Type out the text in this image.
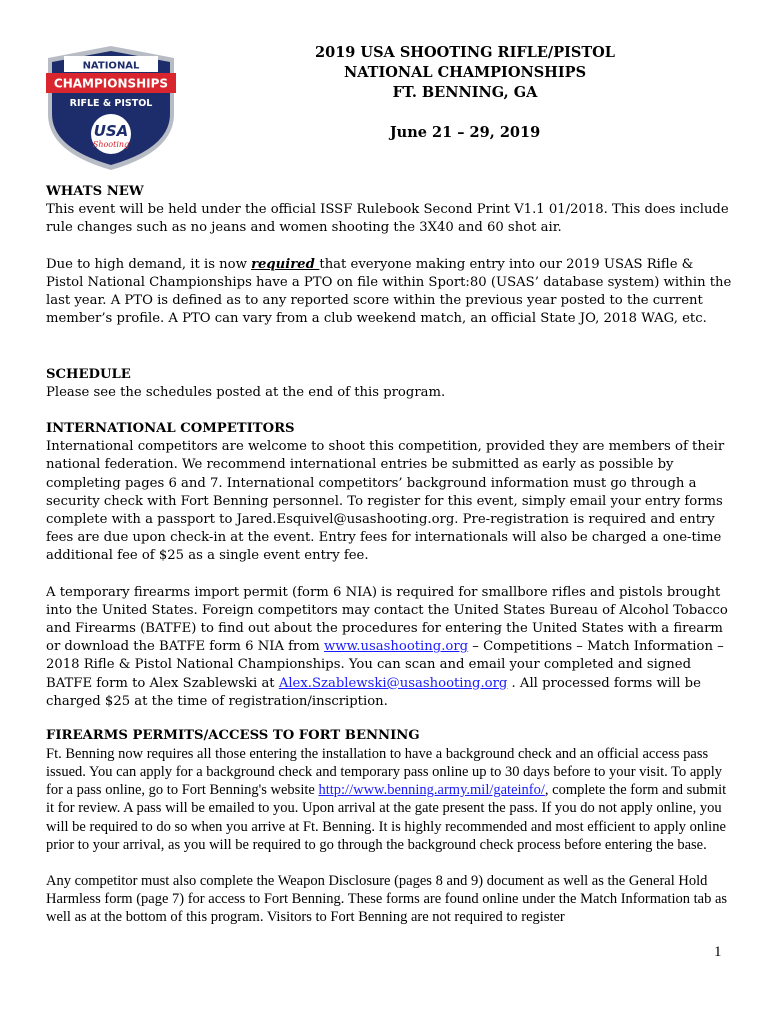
NATIONAL
CHAMPIONSHIPS
RIFLE & PISTOL
USA
Shooting
2019 USA SHOOTING RIFLE/PISTOL
NATIONAL CHAMPIONSHIPS
FT. BENNING, GA
June 21 – 29, 2019

WHATS NEW

This event will be held under the official ISSF Rulebook Second Print V1.1 01/2018. This does include rule changes such as no jeans and women shooting the 3X40 and 60 shot air.

Due to high demand, it is now required that everyone making entry into our 2019 USAS Rifle & Pistol National Championships have a PTO on file within Sport:80 (USAS’ database system) within the last year. A PTO is defined as to any reported score within the previous year posted to the current member’s profile. A PTO can vary from a club weekend match, an official State JO, 2018 WAG, etc.

SCHEDULE

Please see the schedules posted at the end of this program.

INTERNATIONAL COMPETITORS

International competitors are welcome to shoot this competition, provided they are members of their national federation. We recommend international entries be submitted as early as possible by completing pages 6 and 7. International competitors’ background information must go through a security check with Fort Benning personnel. To register for this event, simply email your entry forms complete with a passport to Jared.Esquivel@usashooting.org. Pre-registration is required and entry fees are due upon check-in at the event. Entry fees for internationals will also be charged a one-time additional fee of $25 as a single event entry fee.

A temporary firearms import permit (form 6 NIA) is required for smallbore rifles and pistols brought into the United States. Foreign competitors may contact the United States Bureau of Alcohol Tobacco and Firearms (BATFE) to find out about the procedures for entering the United States with a firearm or download the BATFE form 6 NIA from www.usashooting.org – Competitions – Match Information – 2018 Rifle & Pistol National Championships. You can scan and email your completed and signed BATFE form to Alex Szablewski at Alex.Szablewski@usashooting.org . All processed forms will be charged $25 at the time of registration/inscription.

FIREARMS PERMITS/ACCESS TO FORT BENNING

Ft. Benning now requires all those entering the installation to have a background check and an official access pass issued. You can apply for a background check and temporary pass online up to 30 days before to your visit. To apply for a pass online, go to Fort Benning's website http://www.benning.army.mil/gateinfo/, complete the form and submit it for review. A pass will be emailed to you. Upon arrival at the gate present the pass. If you do not apply online, you will be required to do so when you arrive at Ft. Benning. It is highly recommended and most efficient to apply online prior to your arrival, as you will be required to go through the background check process before entering the base.

Any competitor must also complete the Weapon Disclosure (pages 8 and 9) document as well as the General Hold Harmless form (page 7) for access to Fort Benning. These forms are found online under the Match Information tab as well as at the bottom of this program. Visitors to Fort Benning are not required to register

1
